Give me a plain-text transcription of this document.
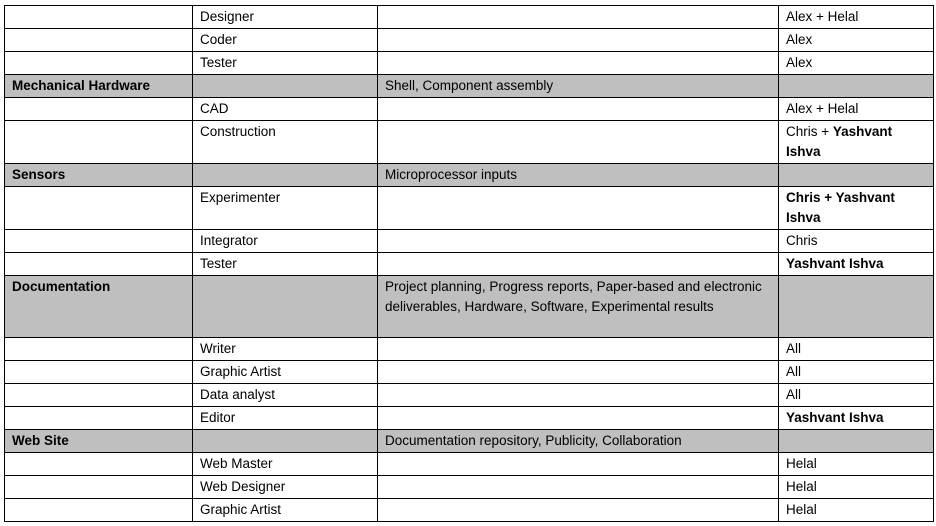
	Designer		Alex + Helal
	Coder		Alex
	Tester		Alex
Mechanical Hardware		Shell, Component assembly	
	CAD		Alex + Helal
	Construction		Chris + Yashvant Ishva
Sensors		Microprocessor inputs	
	Experimenter		Chris + Yashvant Ishva
	Integrator		Chris
	Tester		Yashvant Ishva
Documentation		Project planning, Progress reports, Paper-based and electronic deliverables, Hardware, Software, Experimental results	
	Writer		All
	Graphic Artist		All
	Data analyst		All
	Editor		Yashvant Ishva
Web Site		Documentation repository, Publicity, Collaboration	
	Web Master		Helal
	Web Designer		Helal
	Graphic Artist		Helal
